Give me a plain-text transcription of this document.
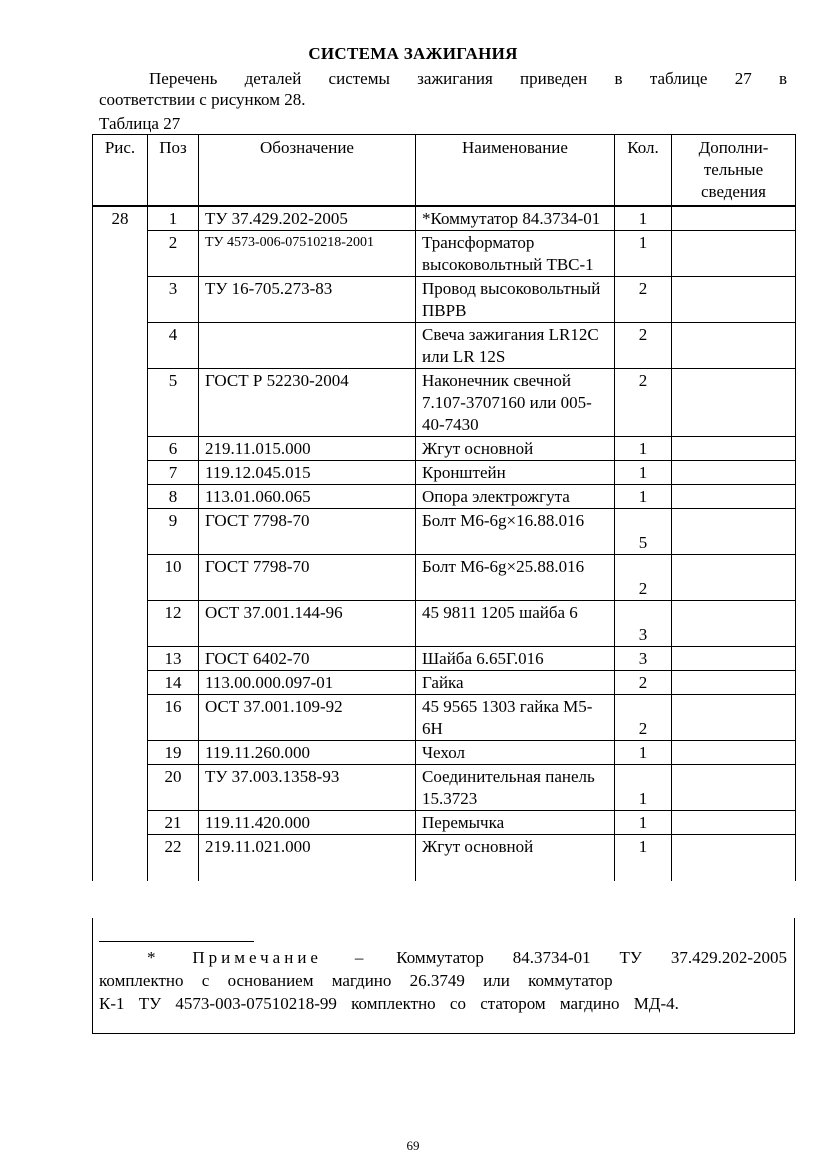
СИСТЕМА ЗАЖИГАНИЯ
Перечень деталей системы зажигания приведен в таблице 27 в
соответствии с рисунком 28.
Таблица 27
Рис.	Поз	Обозначение	Наименование	Кол.	Дополни-тельные сведения
28	1	ТУ 37.429.202-2005	*Коммутатор 84.3734-01	1	
	2	ТУ 4573-006-07510218-2001	Трансформатор высоковольтный ТВС-1	1	
	3	ТУ 16-705.273-83	Провод высоковольтный ПВРВ	2	
	4		Свеча зажигания LR12C или LR 12S	2	
	5	ГОСТ Р 52230-2004	Наконечник свечной 7.107-3707160 или 005-40-7430	2	
	6	219.11.015.000	Жгут основной	1	
	7	119.12.045.015	Кронштейн	1	
	8	113.01.060.065	Опора электрожгута	1	
	9	ГОСТ 7798-70	Болт М6-6g×16.88.016	5	

	10	ГОСТ 7798-70	Болт М6-6g×25.88.016	2	

	12	ОСТ 37.001.144-96	45 9811 1205 шайба 6	3	

	13	ГОСТ 6402-70	Шайба 6.65Г.016	3	
	14	113.00.000.097-01	Гайка	2	
	16	ОСТ 37.001.109-92	45 9565 1303 гайка М5-6Н	2	

	19	119.11.260.000	Чехол	1	
	20	ТУ 37.003.1358-93	Соединительная панель 15.3723	1	

	21	119.11.420.000	Перемычка	1	
	22	219.11.021.000	Жгут основной	1	

* Примечание – Коммутатор 84.3734-01 ТУ 37.429.202-2005
комплектно с основанием магдино 26.3749 или коммутатор
К-1 ТУ 4573-003-07510218-99 комплектно со статором магдино МД-4.
69
